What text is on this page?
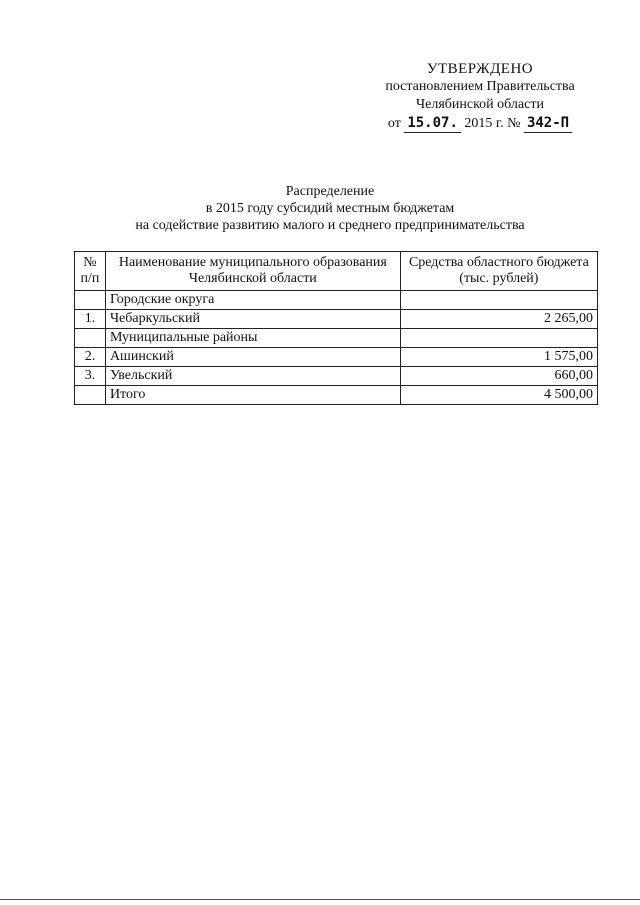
УТВЕРЖДЕНО
постановлением Правительства
Челябинской области
от 15.07. 2015 г. № 342-П
Распределение
в 2015 году субсидий местным бюджетам
на содействие развитию малого и среднего предпринимательства
№ п/п	Наименование муниципального образования Челябинской области	Средства областного бюджета (тыс. рублей)
	Городские округа	
1.	Чебаркульский	2 265,00
	Муниципальные районы	
2.	Ашинский	1 575,00
3.	Увельский	660,00
	Итого	4 500,00
